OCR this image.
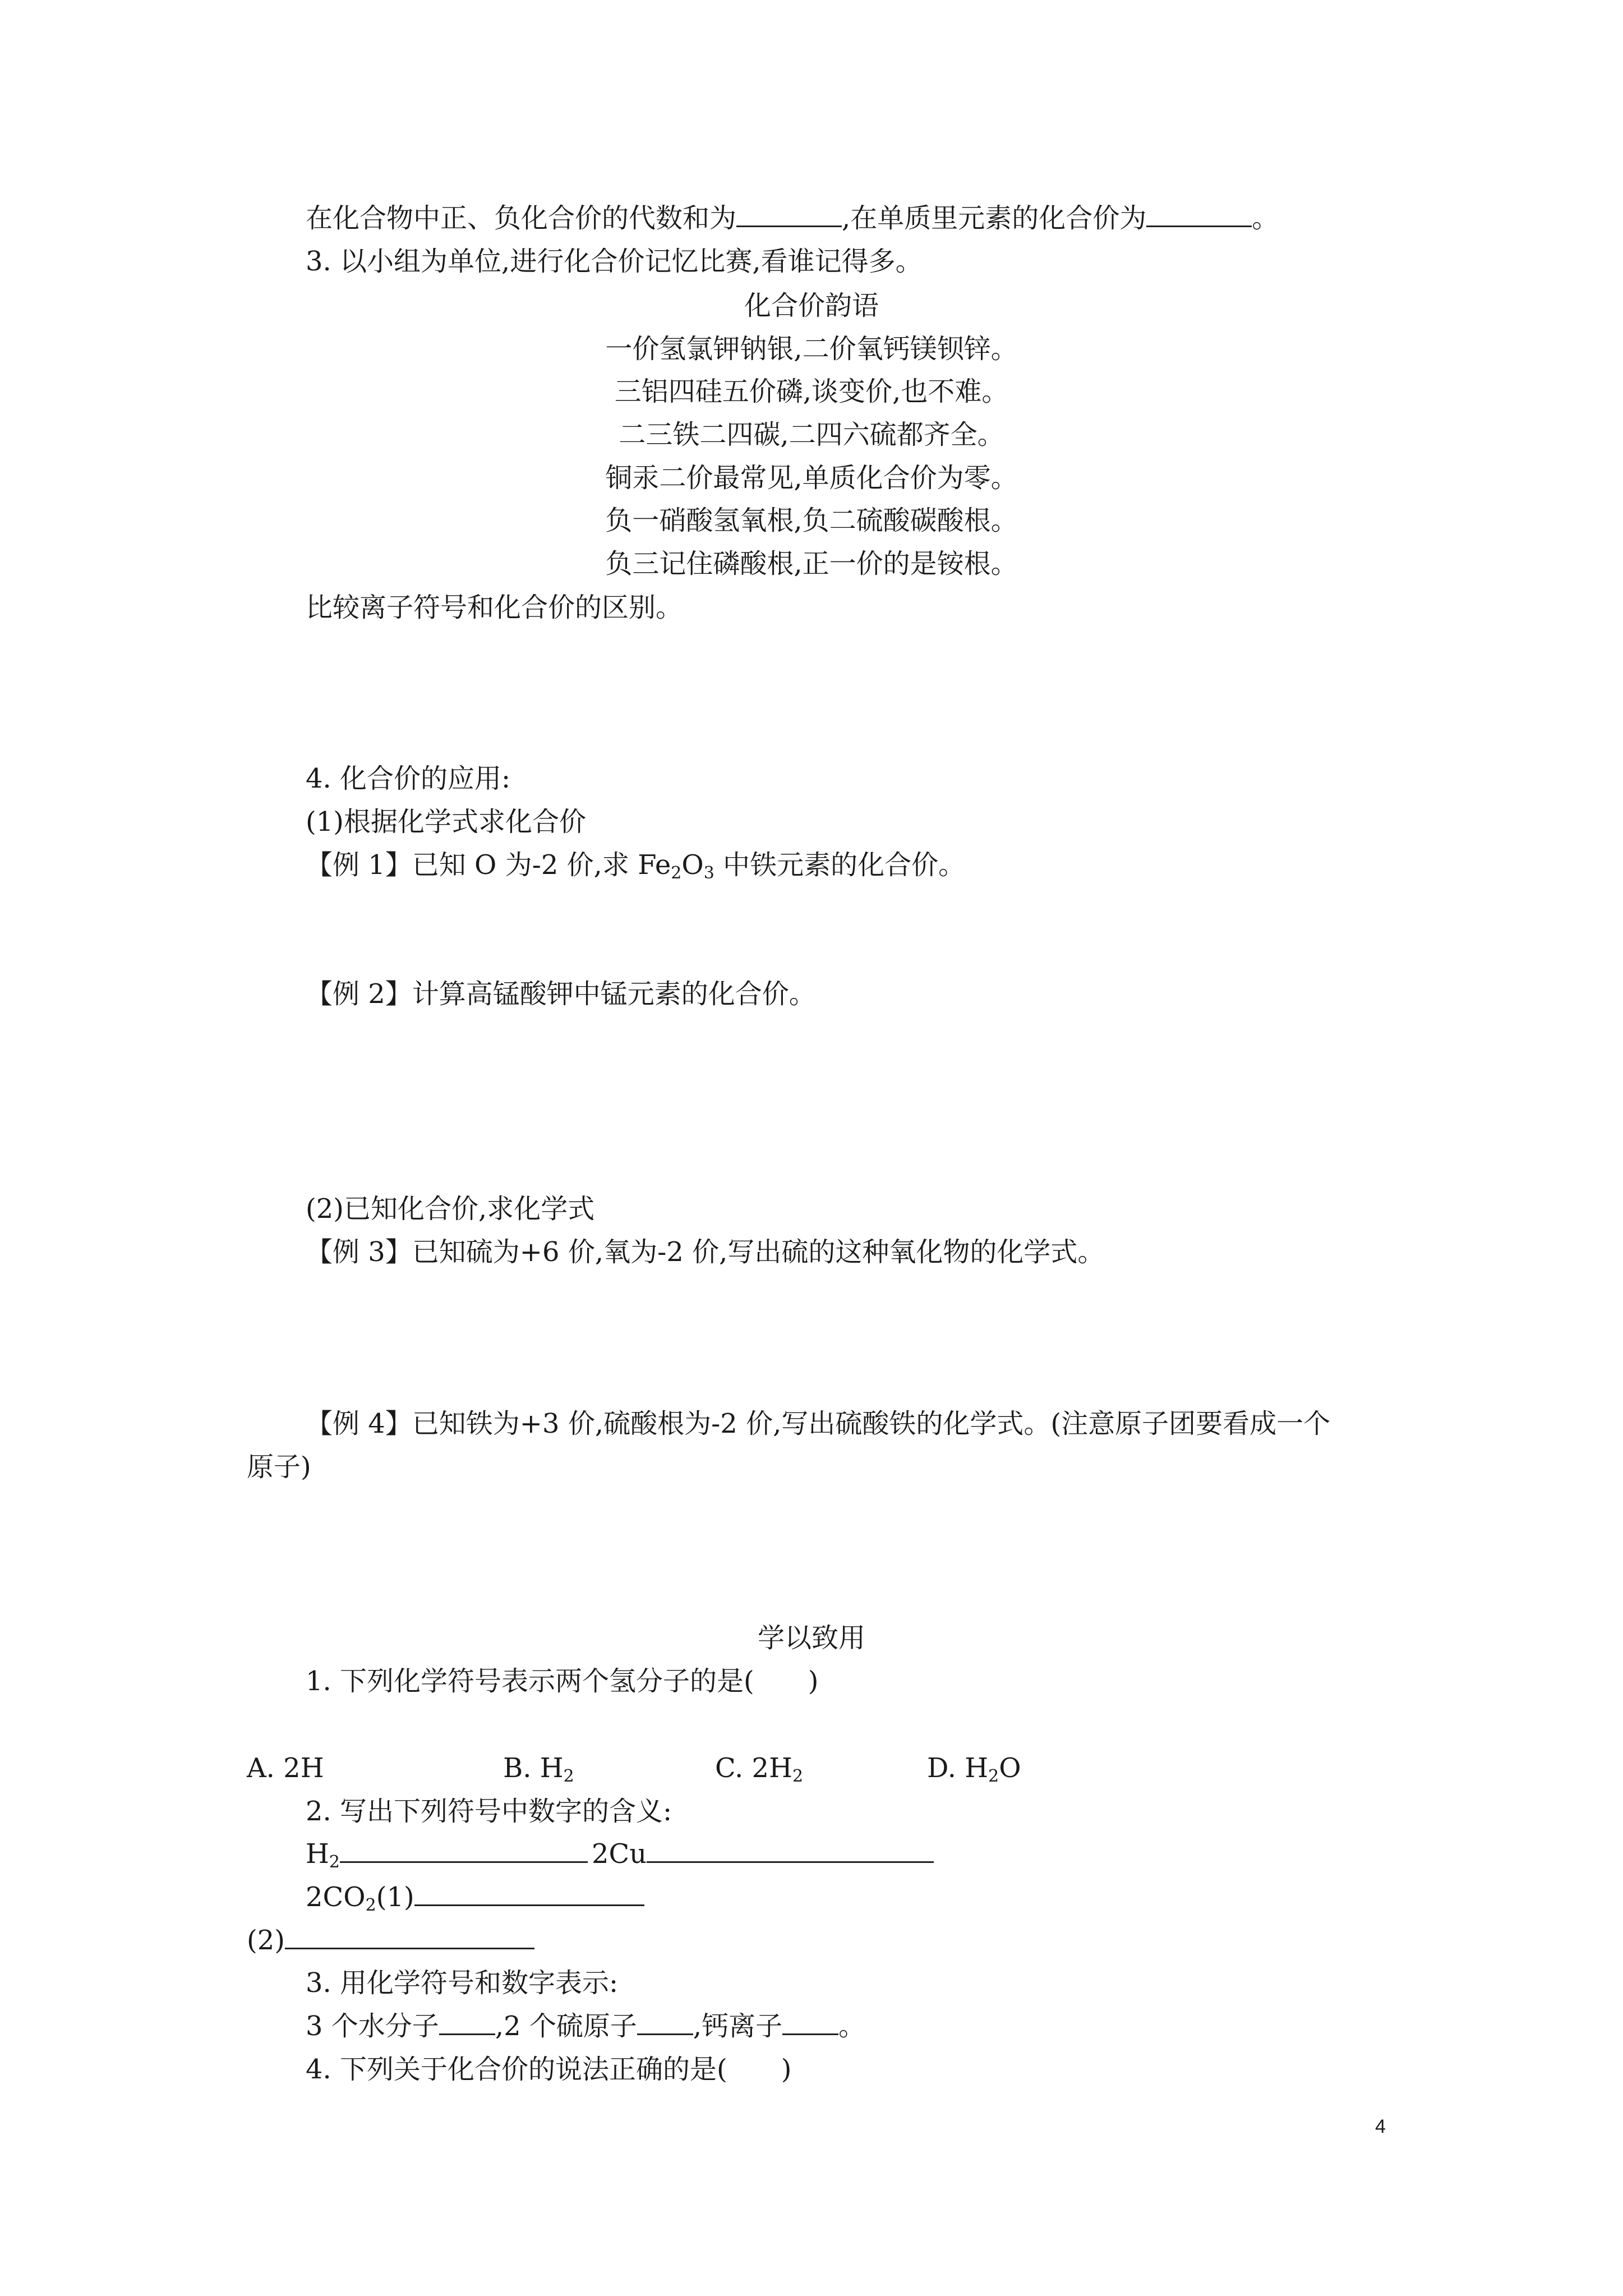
在化合物中正、负化合价的代数和为	,在单质里元素的化合价为	。
3. 以小组为单位,进行化合价记忆比赛,看谁记得多。
化合价韵语
一价氢氯钾钠银,二价氧钙镁钡锌。
三铝四硅五价磷,谈变价,也不难。
二三铁二四碳,二四六硫都齐全。
铜汞二价最常见,单质化合价为零。
负一硝酸氢氧根,负二硫酸碳酸根。
负三记住磷酸根,正一价的是铵根。
比较离子符号和化合价的区别。
4. 化合价的应用:
(1)根据化学式求化合价
【例 1】已知 O 为-2 价,求 $Fe_2O_3$ 中铁元素的化合价。
【例 2】计算高锰酸钾中锰元素的化合价。
(2)已知化合价,求化学式
【例 3】已知硫为+6 价,氧为-2 价,写出硫的这种氧化物的化学式。
【例 4】已知铁为+3 价,硫酸根为-2 价,写出硫酸铁的化学式。(注意原子团要看成一个
原子)
学以致用
1. 下列化学符号表示两个氢分子的是(　　)
A. 2H	B. $H_2$	C. $2H_2$	D. $H_2O$
2. 写出下列符号中数字的含义:
$H_2$	2Cu
$2CO_2(1)$
(2)
3. 用化学符号和数字表示:
3 个水分子 ,2 个硫原子 ,钙离子 。
4. 下列关于化合价的说法正确的是(　　)
4
